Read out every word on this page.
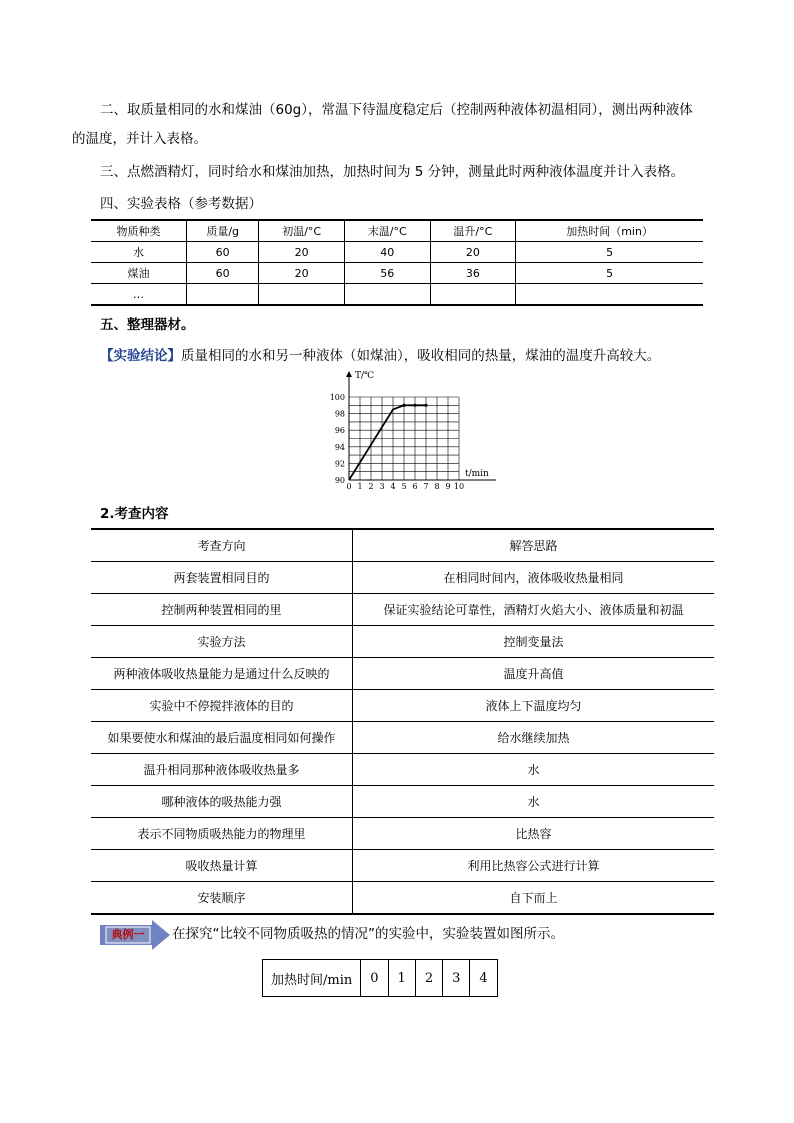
二、取质量相同的水和煤油（60g），常温下待温度稳定后（控制两种液体初温相同），测出两种液体
的温度，并计入表格。
三、点燃酒精灯，同时给水和煤油加热，加热时间为 5 分钟，测量此时两种液体温度并计入表格。
四、实验表格（参考数据）
物质种类	质量/g	初温/°C	末温/°C	温升/°C	加热时间（min）
水	60	20	40	20	5
煤油	60	20	56	36	5
…					
五、整理器材。
【实验结论】质量相同的水和另一种液体（如煤油），吸收相同的热量，煤油的温度升高较大。
90
92
94
96
98
100
0 1 2 3 4 5 6 7 8 9 10
T/℃
t/min
2.考查内容
考查方向	解答思路
两套装置相同目的	在相同时间内，液体吸收热量相同
控制两种装置相同的里	保证实验结论可靠性，酒精灯火焰大小、液体质量和初温
实验方法	控制变量法
两种液体吸收热量能力是通过什么反映的	温度升高值
实验中不停搅拌液体的目的	液体上下温度均匀
如果要使水和煤油的最后温度相同如何操作	给水继续加热
温升相同那种液体吸收热量多	水
哪种液体的吸热能力强	水
表示不同物质吸热能力的物理里	比热容
吸收热量计算	利用比热容公式进行计算
安装顺序	自下而上
典例一	在探究“比较不同物质吸热的情况”的实验中，实验装置如图所示。
加热时间/min	0	1	2	3	4
